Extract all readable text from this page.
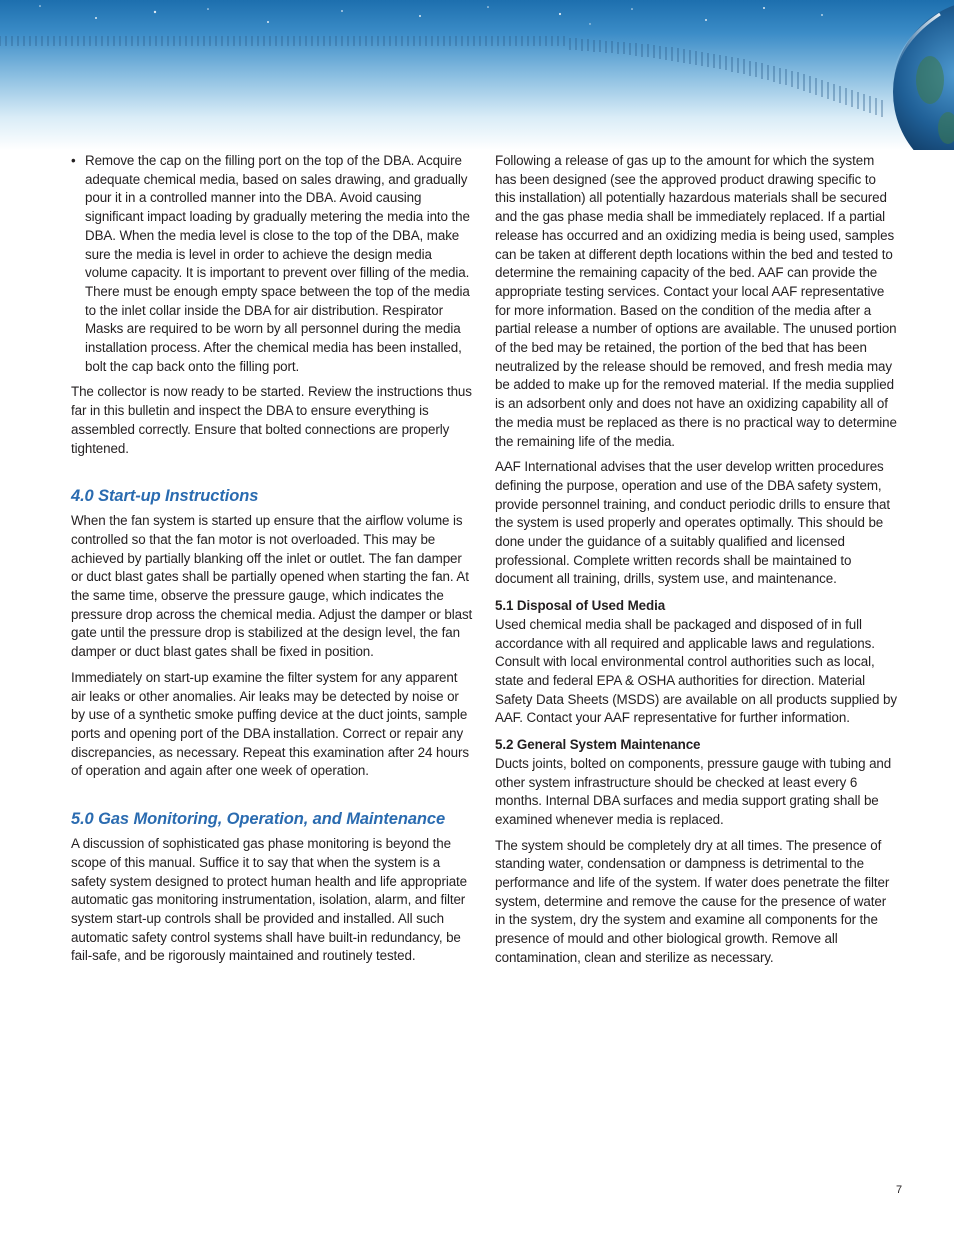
• Remove the cap on the filling port on the top of the DBA. Acquire adequate chemical media, based on sales drawing, and gradually pour it in a controlled manner into the DBA. Avoid causing significant impact loading by gradually metering the media into the DBA. When the media level is close to the top of the DBA, make sure the media is level in order to achieve the design media volume capacity. It is important to prevent over filling of the media. There must be enough empty space between the top of the media to the inlet collar inside the DBA for air distribution. Respirator Masks are required to be worn by all personnel during the media installation process. After the chemical media has been installed, bolt the cap back onto the filling port.

The collector is now ready to be started. Review the instructions thus far in this bulletin and inspect the DBA to ensure everything is assembled correctly. Ensure that bolted connections are properly tightened.

4.0 Start-up Instructions

When the fan system is started up ensure that the airflow volume is controlled so that the fan motor is not overloaded. This may be achieved by partially blanking off the inlet or outlet. The fan damper or duct blast gates shall be partially opened when starting the fan. At the same time, observe the pressure gauge, which indicates the pressure drop across the chemical media. Adjust the damper or blast gate until the pressure drop is stabilized at the design level, the fan damper or duct blast gates shall be fixed in position.

Immediately on start-up examine the filter system for any apparent air leaks or other anomalies. Air leaks may be detected by noise or by use of a synthetic smoke puffing device at the duct joints, sample ports and opening port of the DBA installation. Correct or repair any discrepancies, as necessary. Repeat this examination after 24 hours of operation and again after one week of operation.

5.0 Gas Monitoring, Operation, and Maintenance

A discussion of sophisticated gas phase monitoring is beyond the scope of this manual. Suffice it to say that when the system is a safety system designed to protect human health and life appropriate automatic gas monitoring instrumentation, isolation, alarm, and filter system start-up controls shall be provided and installed. All such automatic safety control systems shall have built-in redundancy, be fail-safe, and be rigorously maintained and routinely tested.

Following a release of gas up to the amount for which the system has been designed (see the approved product drawing specific to this installation) all potentially hazardous materials shall be secured and the gas phase media shall be immediately replaced. If a partial release has occurred and an oxidizing media is being used, samples can be taken at different depth locations within the bed and tested to determine the remaining capacity of the bed. AAF can provide the appropriate testing services. Contact your local AAF representative for more information. Based on the condition of the media after a partial release a number of options are available. The unused portion of the bed may be retained, the portion of the bed that has been neutralized by the release should be removed, and fresh media may be added to make up for the removed material. If the media supplied is an adsorbent only and does not have an oxidizing capability all of the media must be replaced as there is no practical way to determine the remaining life of the media.

AAF International advises that the user develop written procedures defining the purpose, operation and use of the DBA safety system, provide personnel training, and conduct periodic drills to ensure that the system is used properly and operates optimally. This should be done under the guidance of a suitably qualified and licensed professional. Complete written records shall be maintained to document all training, drills, system use, and maintenance.

5.1 Disposal of Used Media

Used chemical media shall be packaged and disposed of in full accordance with all required and applicable laws and regulations. Consult with local environmental control authorities such as local, state and federal EPA & OSHA authorities for direction. Material Safety Data Sheets (MSDS) are available on all products supplied by AAF. Contact your AAF representative for further information.

5.2 General System Maintenance

Ducts joints, bolted on components, pressure gauge with tubing and other system infrastructure should be checked at least every 6 months. Internal DBA surfaces and media support grating shall be examined whenever media is replaced.

The system should be completely dry at all times. The presence of standing water, condensation or dampness is detrimental to the performance and life of the system. If water does penetrate the filter system, determine and remove the cause for the presence of water in the system, dry the system and examine all components for the presence of mould and other biological growth. Remove all contamination, clean and sterilize as necessary.

7
